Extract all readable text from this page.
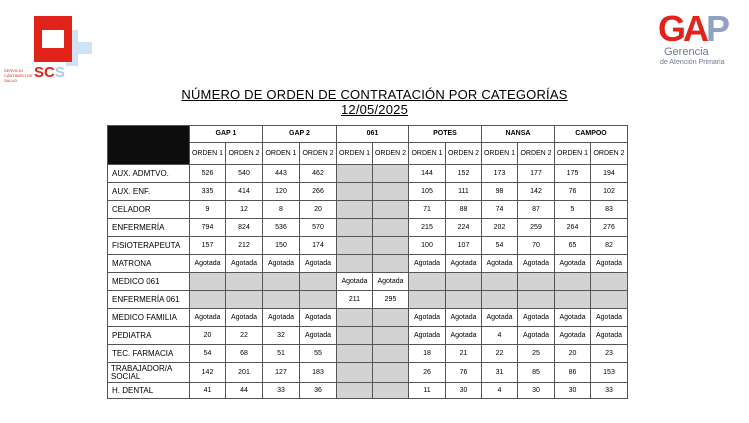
SERVICIO CÁNTABRO DE SALUD	SCS
GAP
Gerencia
de Atención Primaria
NÚMERO DE ORDEN DE CONTRATACIÓN POR CATEGORÍAS
12/05/2025
	GAP 1		GAP 2		061		POTES		NANSA		CAMPOO	
	ORDEN 1	ORDEN 2	ORDEN 1	ORDEN 2	ORDEN 1	ORDEN 2	ORDEN 1	ORDEN 2	ORDEN 1	ORDEN 2	ORDEN 1	ORDEN 2
AUX. ADMTVO.	526	540	443	462			144	152	173	177	175	194
AUX. ENF.	335	414	120	266			105	111	98	142	76	102
CELADOR	9	12	8	20			71	88	74	87	5	83
ENFERMERÍA	794	824	536	570			215	224	202	259	264	276
FISIOTERAPEUTA	157	212	150	174			100	107	54	70	65	82
MATRONA	Agotada	Agotada	Agotada	Agotada			Agotada	Agotada	Agotada	Agotada	Agotada	Agotada
MEDICO 061					Agotada	Agotada						
ENFERMERÍA 061					211	295						
MEDICO FAMILIA	Agotada	Agotada	Agotada	Agotada			Agotada	Agotada	Agotada	Agotada	Agotada	Agotada
PEDIATRA	20	22	32	Agotada			Agotada	Agotada	4	Agotada	Agotada	Agotada
TEC. FARMACIA	54	68	51	55			18	21	22	25	20	23
TRABAJADOR/A SOCIAL	142	201	127	183			26	76	31	85	86	153
H. DENTAL	41	44	33	36			11	30	4	30	30	33
